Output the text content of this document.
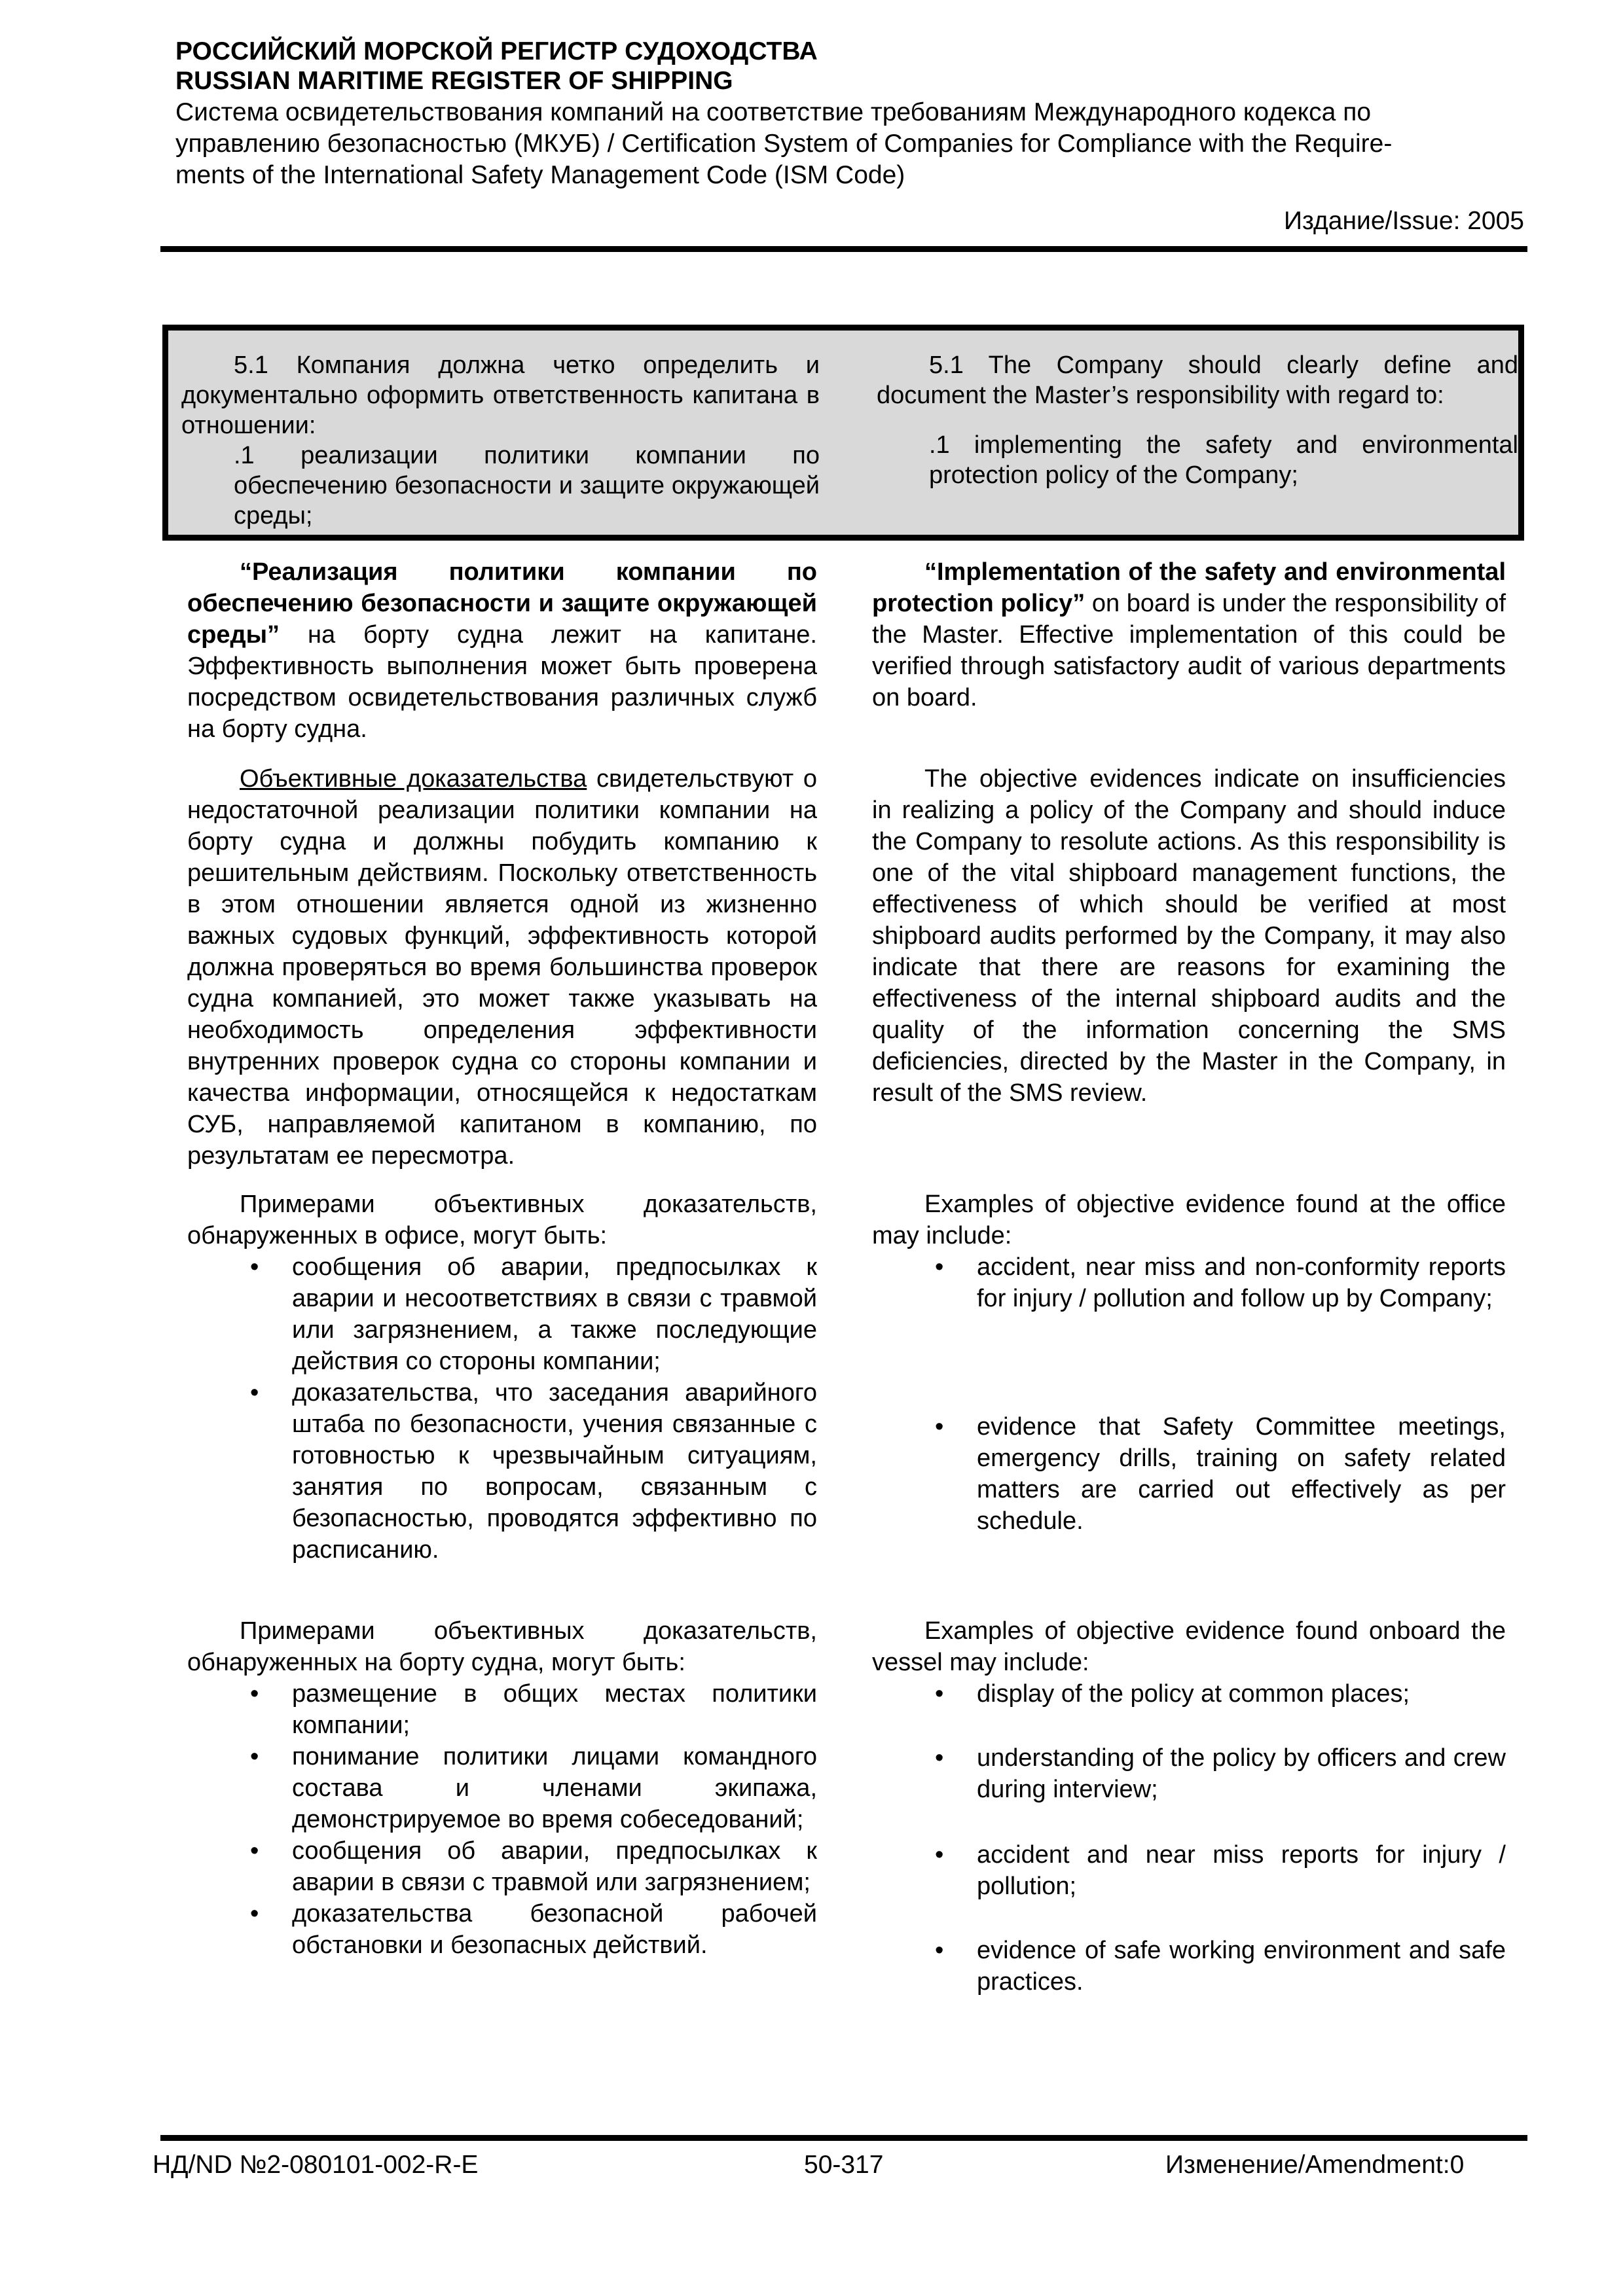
РОССИЙСКИЙ МОРСКОЙ РЕГИСТР СУДОХОДСТВА
RUSSIAN MARITIME REGISTER OF SHIPPING
Система освидетельствования компаний на соответствие требованиям Международного кодекса по
управлению безопасностью (МКУБ) / Certification System of Companies for Compliance with the Require-
ments of the International Safety Management Code (ISM Code)
Издание/Issue: 2005
5.1 Компания должна четко определить и документально оформить ответственность капитана в отношении:
.1 реализации политики компании по обеспечению безопасности и защите окружающей среды;
5.1 The Company should clearly define and document the Master’s responsibility with regard to:
.1 implementing the safety and environmental protection policy of the Company;

“Реализация политики компании по обеспечению безопасности и защите окружающей среды” на борту судна лежит на капитане. Эффективность выполнения может быть проверена посредством освидетельствования различных служб на борту судна.

Объективные доказательства свидетельствуют о недостаточной реализации политики компании на борту судна и должны побудить компанию к решительным действиям. Поскольку ответственность в этом отношении является одной из жизненно важных судовых функций, эффективность которой должна проверяться во время большинства проверок судна компанией, это может также указывать на необходимость определения эффективности внутренних проверок судна со стороны компании и качества информации, относящейся к недостаткам СУБ, направляемой капитаном в компанию, по результатам ее пересмотра.

Примерами объективных доказательств, обнаруженных в офисе, могут быть:

• сообщения об аварии, предпосылках к аварии и несоответствиях в связи с травмой или загрязнением, а также последующие действия со стороны компании;
• доказательства, что заседания аварийного штаба по безопасности, учения связанные с готовностью к чрезвычайным ситуациям, занятия по вопросам, связанным с безопасностью, проводятся эффективно по расписанию.

Примерами объективных доказательств, обнаруженных на борту судна, могут быть:

• размещение в общих местах политики компании;
• понимание политики лицами командного состава и членами экипажа, демонстрируемое во время собеседований;
• сообщения об аварии, предпосылках к аварии в связи с травмой или загрязнением;
• доказательства безопасной рабочей обстановки и безопасных действий.

“Implementation of the safety and environmental protection policy” on board is under the responsibility of the Master. Effective implementation of this could be verified through satisfactory audit of various departments on board.

The objective evidences indicate on insufficiencies in realizing a policy of the Company and should induce the Company to resolute actions. As this responsibility is one of the vital shipboard management functions, the effectiveness of which should be verified at most shipboard audits performed by the Company, it may also indicate that there are reasons for examining the effectiveness of the internal shipboard audits and the quality of the information concerning the SMS deficiencies, directed by the Master in the Company, in result of the SMS review.

Examples of objective evidence found at the office may include:

• accident, near miss and non-conformity reports for injury / pollution and follow up by Company;
• evidence that Safety Committee meetings, emergency drills, training on safety related matters are carried out effectively as per schedule.

Examples of objective evidence found onboard the vessel may include:

• display of the policy at common places;
• understanding of the policy by officers and crew during interview;
• accident and near miss reports for injury / pollution;
• evidence of safe working environment and safe practices.
НД/ND №2-080101-002-R-E	50-317	Изменение/Amendment:0
